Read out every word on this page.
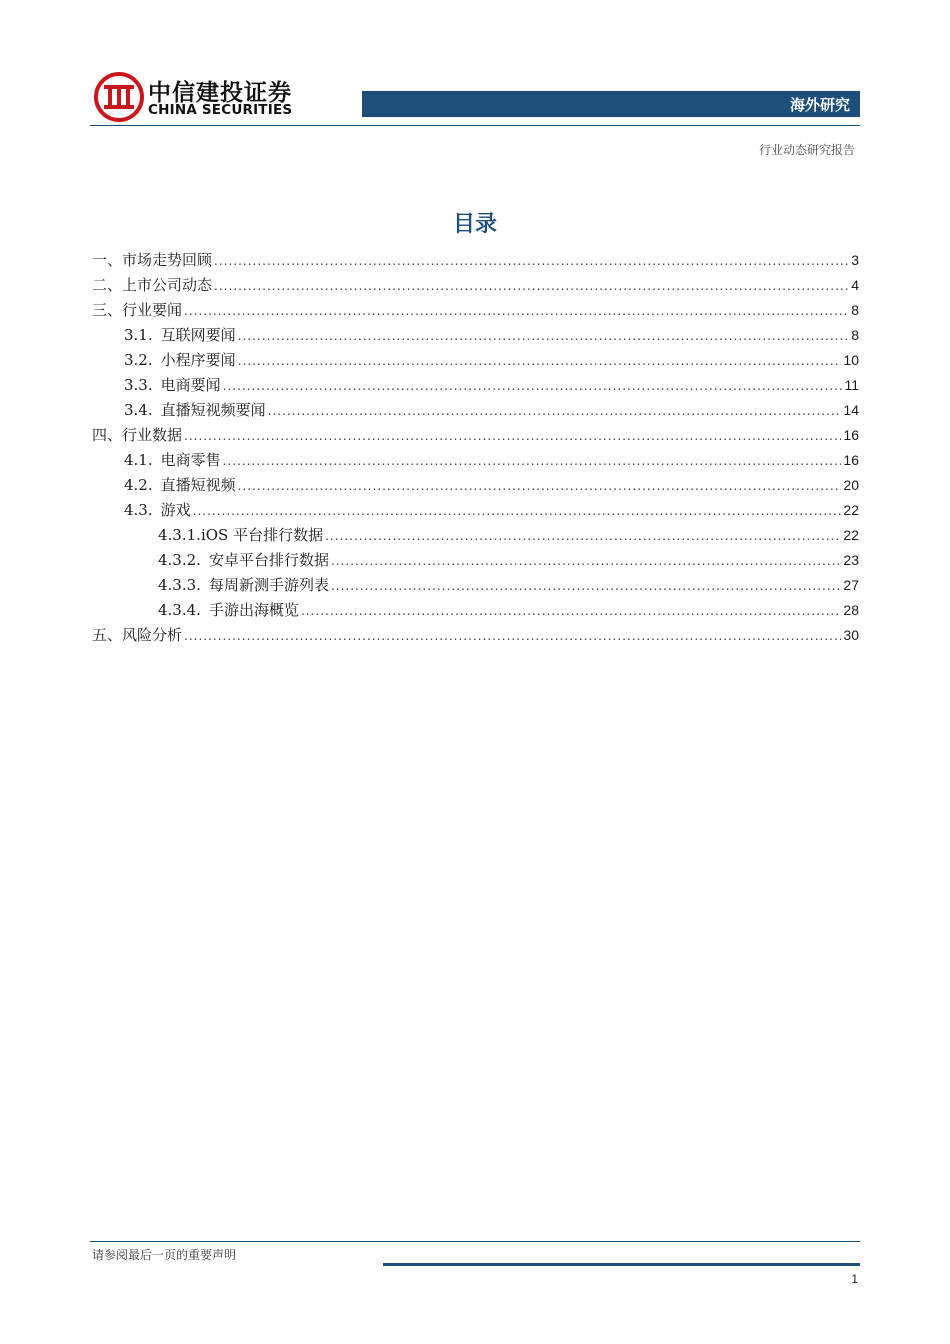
中信建投证券
CHINA SECURITIES	海外研究
行业动态研究报告
目录
一、 市场走势回顾 .....	3
二、 上市公司动态 .....	4
三、 行业要闻 .....	8
3.1. 互联网要闻 .....	8
3.2. 小程序要闻 .....	10
3.3. 电商要闻 .....	11
3.4. 直播短视频要闻 .....	14
四、 行业数据 .....	16
4.1. 电商零售 .....	16
4.2. 直播短视频 .....	20
4.3. 游戏 .....	22
4.3.1. iOS 平台排行数据 .....	22
4.3.2. 安卓平台排行数据 .....	23
4.3.3. 每周新测手游列表 .....	27
4.3.4. 手游出海概览 .....	28
五、 风险分析 .....	30
请参阅最后一页的重要声明
1
